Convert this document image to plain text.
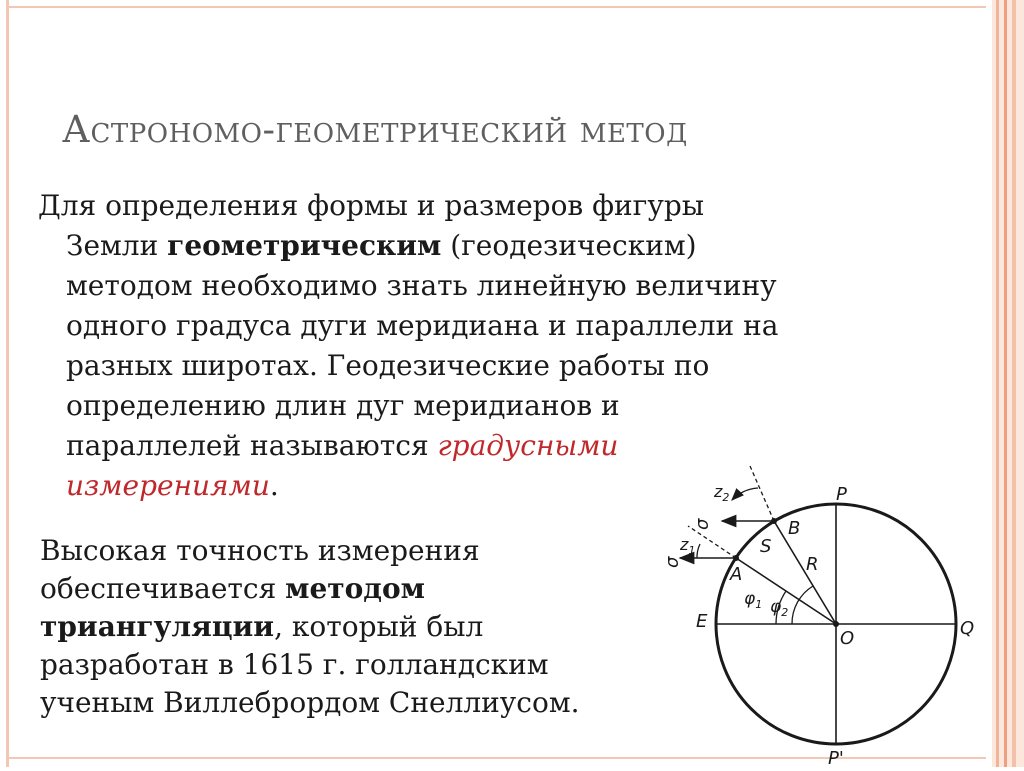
Астрономо-геометрический метод
Для определения формы и размеров фигуры
Земли геометрическим (геодезическим)
методом необходимо знать линейную величину
одного градуса дуги меридиана и параллели на
разных широтах. Геодезические работы по
определению длин дуг меридианов и
параллелей называются градусными
измерениями.
Высокая точность измерения
обеспечивается методом
триангуляции, который был
разработан в 1615 г. голландским
ученым Виллебрордом Снеллиусом.
P
P'
E	Q
O
A
B
S
R
$z_2$
$z_1$
$\varphi_1$ $\varphi_2$
σ
σ
